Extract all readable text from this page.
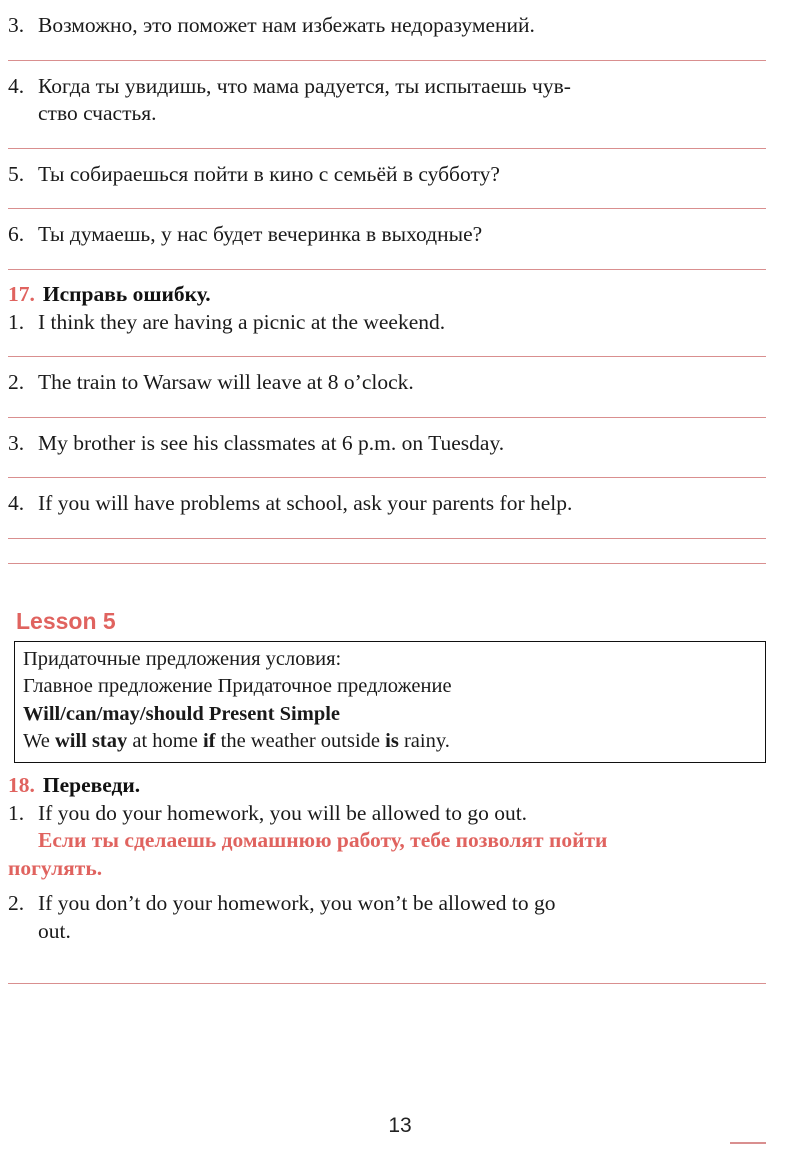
3. Возможно, это поможет нам избежать недоразумений.
4. Когда ты увидишь, что мама радуется, ты испытаешь чув-
ство счастья.
5. Ты собираешься пойти в кино с семьёй в субботу?
6. Ты думаешь, у нас будет вечеринка в выходные?
17. Исправь ошибку.
1. I think they are having a picnic at the weekend.
2. The train to Warsaw will leave at 8 o’clock.
3. My brother is see his classmates at 6 p.m. on Tuesday.
4. If you will have problems at school, ask your parents for help.
Lesson 5
Придаточные предложения условия:
Главное предложение Придаточное предложение
Will/can/may/should Present Simple
We will stay at home if the weather outside is rainy.
18. Переведи.
1. If you do your homework, you will be allowed to go out.
Если ты сделаешь домашнюю работу, тебе позволят пойти
погулять.
2. If you don’t do your homework, you won’t be allowed to go
out.
13
